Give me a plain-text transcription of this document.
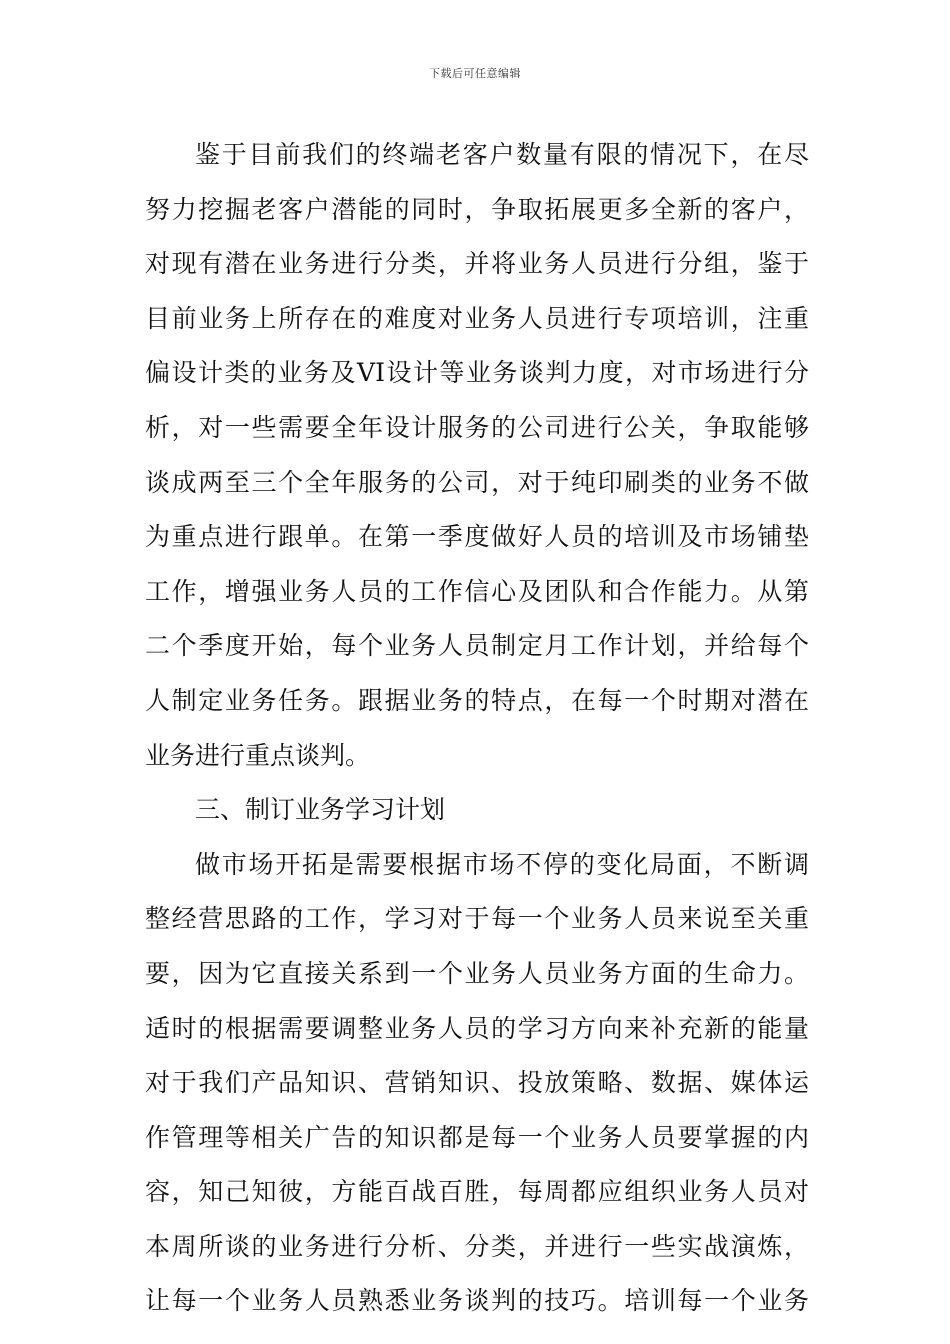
下载后可任意编辑
鉴于目前我们的终端老客户数量有限的情况下，在尽
努力挖掘老客户潜能的同时，争取拓展更多全新的客户，
对现有潜在业务进行分类，并将业务人员进行分组，鉴于
目前业务上所存在的难度对业务人员进行专项培训，注重
偏设计类的业务及VI设计等业务谈判力度，对市场进行分
析，对一些需要全年设计服务的公司进行公关，争取能够
谈成两至三个全年服务的公司，对于纯印刷类的业务不做
为重点进行跟单。在第一季度做好人员的培训及市场铺垫
工作，增强业务人员的工作信心及团队和合作能力。从第
二个季度开始，每个业务人员制定月工作计划，并给每个
人制定业务任务。跟据业务的特点，在每一个时期对潜在
业务进行重点谈判。
三、制订业务学习计划
做市场开拓是需要根据市场不停的变化局面，不断调
整经营思路的工作，学习对于每一个业务人员来说至关重
要，因为它直接关系到一个业务人员业务方面的生命力。
适时的根据需要调整业务人员的学习方向来补充新的能量
对于我们产品知识、营销知识、投放策略、数据、媒体运
作管理等相关广告的知识都是每一个业务人员要掌握的内
容，知己知彼，方能百战百胜，每周都应组织业务人员对
本周所谈的业务进行分析、分类，并进行一些实战演炼，
让每一个业务人员熟悉业务谈判的技巧。培训每一个业务
